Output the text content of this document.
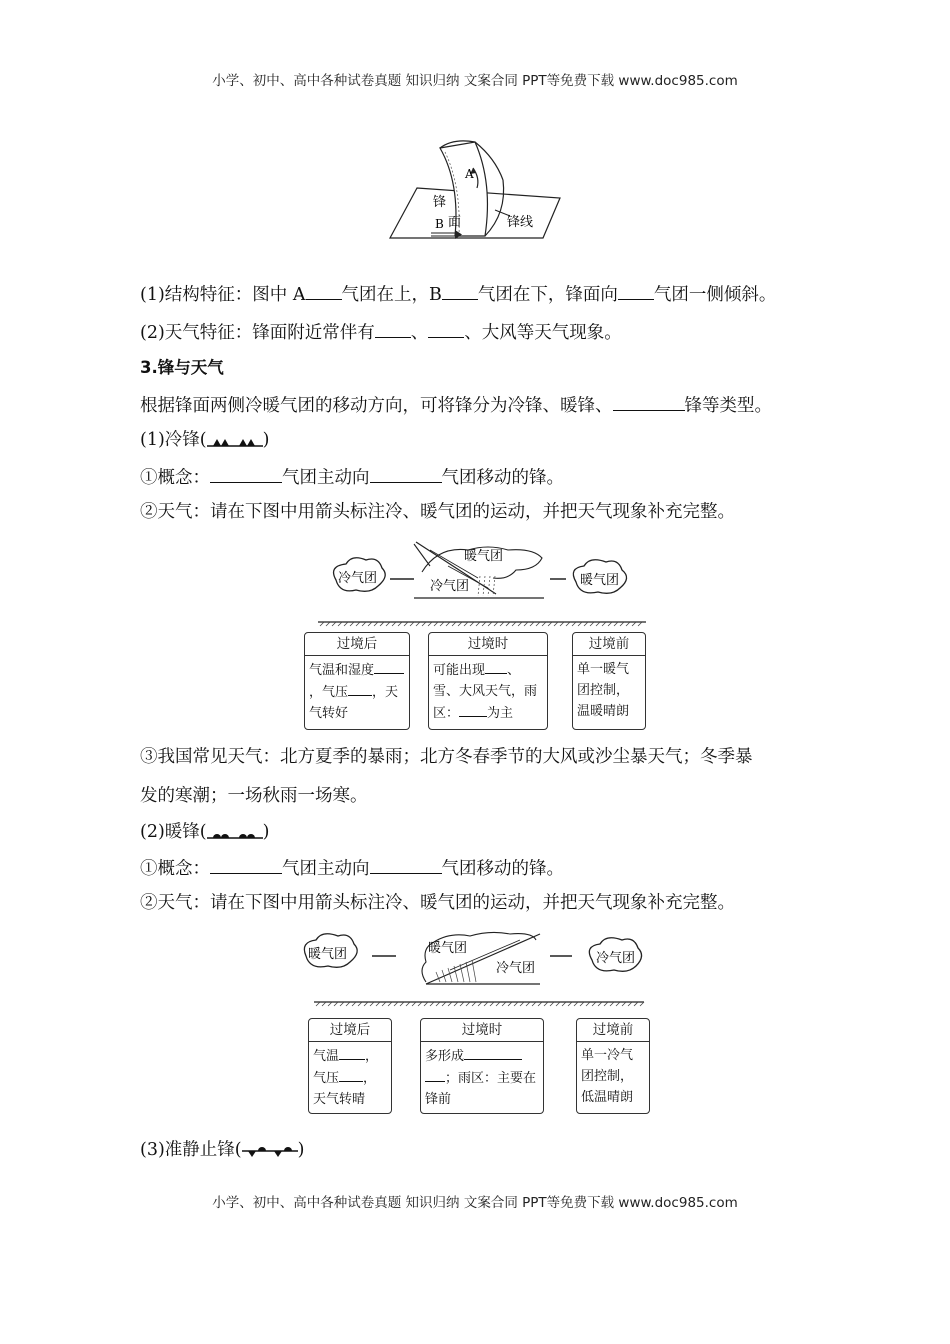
小学、初中、高中各种试卷真题 知识归纳 文案合同 PPT等免费下载 www.doc985.com
A
锋
面
B	锋线
(1)结构特征：图中 A 气团在上，B 气团在下，锋面向 气团一侧倾斜。
(2)天气特征：锋面附近常伴有 、 、大风等天气现象。
3.锋与天气
根据锋面两侧冷暖气团的移动方向，可将锋分为冷锋、暖锋、	锋等类型。
(1)冷锋(	)
①概念：	气团主动向	气团移动的锋。
②天气：请在下图中用箭头标注冷、暖气团的运动，并把天气现象补充完整。
冷气团
暖气团
冷气团	暖气团
过境后
气温和湿度，气压 ，天气转好
过境时
可能出现 、雪、大风天气，雨区： 为主
过境前
单一暖气团控制，温暖晴朗
③我国常见天气：北方夏季的暴雨；北方冬春季节的大风或沙尘暴天气；冬季暴
发的寒潮；一场秋雨一场寒。
(2)暖锋(	)
①概念：	气团主动向	气团移动的锋。
②天气：请在下图中用箭头标注冷、暖气团的运动，并把天气现象补充完整。
暖气团	暖气团
冷气团
冷气团
过境后
气温 ，气压 ，天气转晴
过境时
多形成；雨区：主要在锋前
过境前
单一冷气团控制，低温晴朗
(3)准静止锋(	)
小学、初中、高中各种试卷真题 知识归纳 文案合同 PPT等免费下载 www.doc985.com
